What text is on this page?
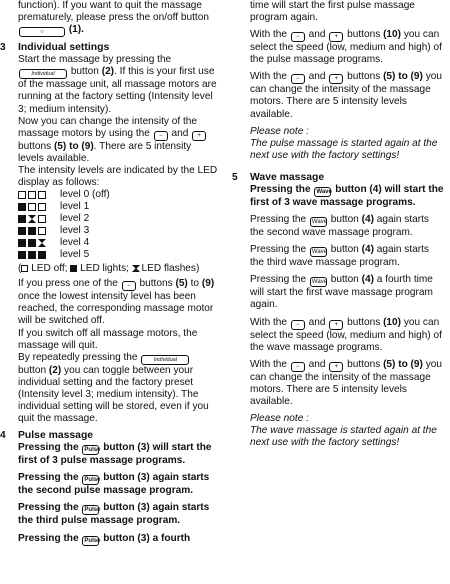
function). If you want to quit the massage prematurely, please press the on/off button ○ (1).

3 Individual settings

Start the massage by pressing the Individual button (2). If this is your first use of the massage unit, all massage motors are running at the factory setting (Intensity level 3; medium intensity).

Now you can change the intensity of the massage motors by using the − and + buttons (5) to (9). There are 5 intensity levels available.

The intensity levels are indicated by the LED display as follows:

level 0 (off)
level 1
level 2
level 3
level 4
level 5

( LED off; LED lights; LED flashes)

If you press one of the − buttons (5) to (9) once the lowest intensity level has been reached, the corresponding massage motor will be switched off.

If you switch off all massage motors, the massage will quit.

By repeatedly pressing the	Individual button (2) you can toggle between your individual setting and the factory preset (Intensity level 3; medium intensity). The individual setting will be stored, even if you quit the massage.

4 Pulse massage

Pressing the Pulse button (3) will start the first of 3 pulse massage programs.

Pressing the Pulse button (3) again starts the second pulse massage program.

Pressing the Pulse button (3) again starts the third pulse massage program.

Pressing the Pulse button (3) a fourth

time will start the first pulse massage program again.

With the − and + buttons (10) you can select the speed (low, medium and high) of the pulse massage programs.

With the − and + buttons (5) to (9) you can change the intensity of the massage motors. There are 5 intensity levels available.

Please note :

The pulse massage is started again at the next use with the factory settings!

5 Wave massage

Pressing the Wave button (4) will start the first of 3 wave massage programs.

Pressing the Wave button (4) again starts the second wave massage program.

Pressing the Wave button (4) again starts the third wave massage program.

Pressing the Wave button (4) a fourth time will start the first wave massage program again.

With the − and + buttons (10) you can select the speed (low, medium and high) of the wave massage programs.

With the − and + buttons (5) to (9) you can change the intensity of the massage motors. There are 5 intensity levels available.

Please note :

The wave massage is started again at the next use with the factory settings!
